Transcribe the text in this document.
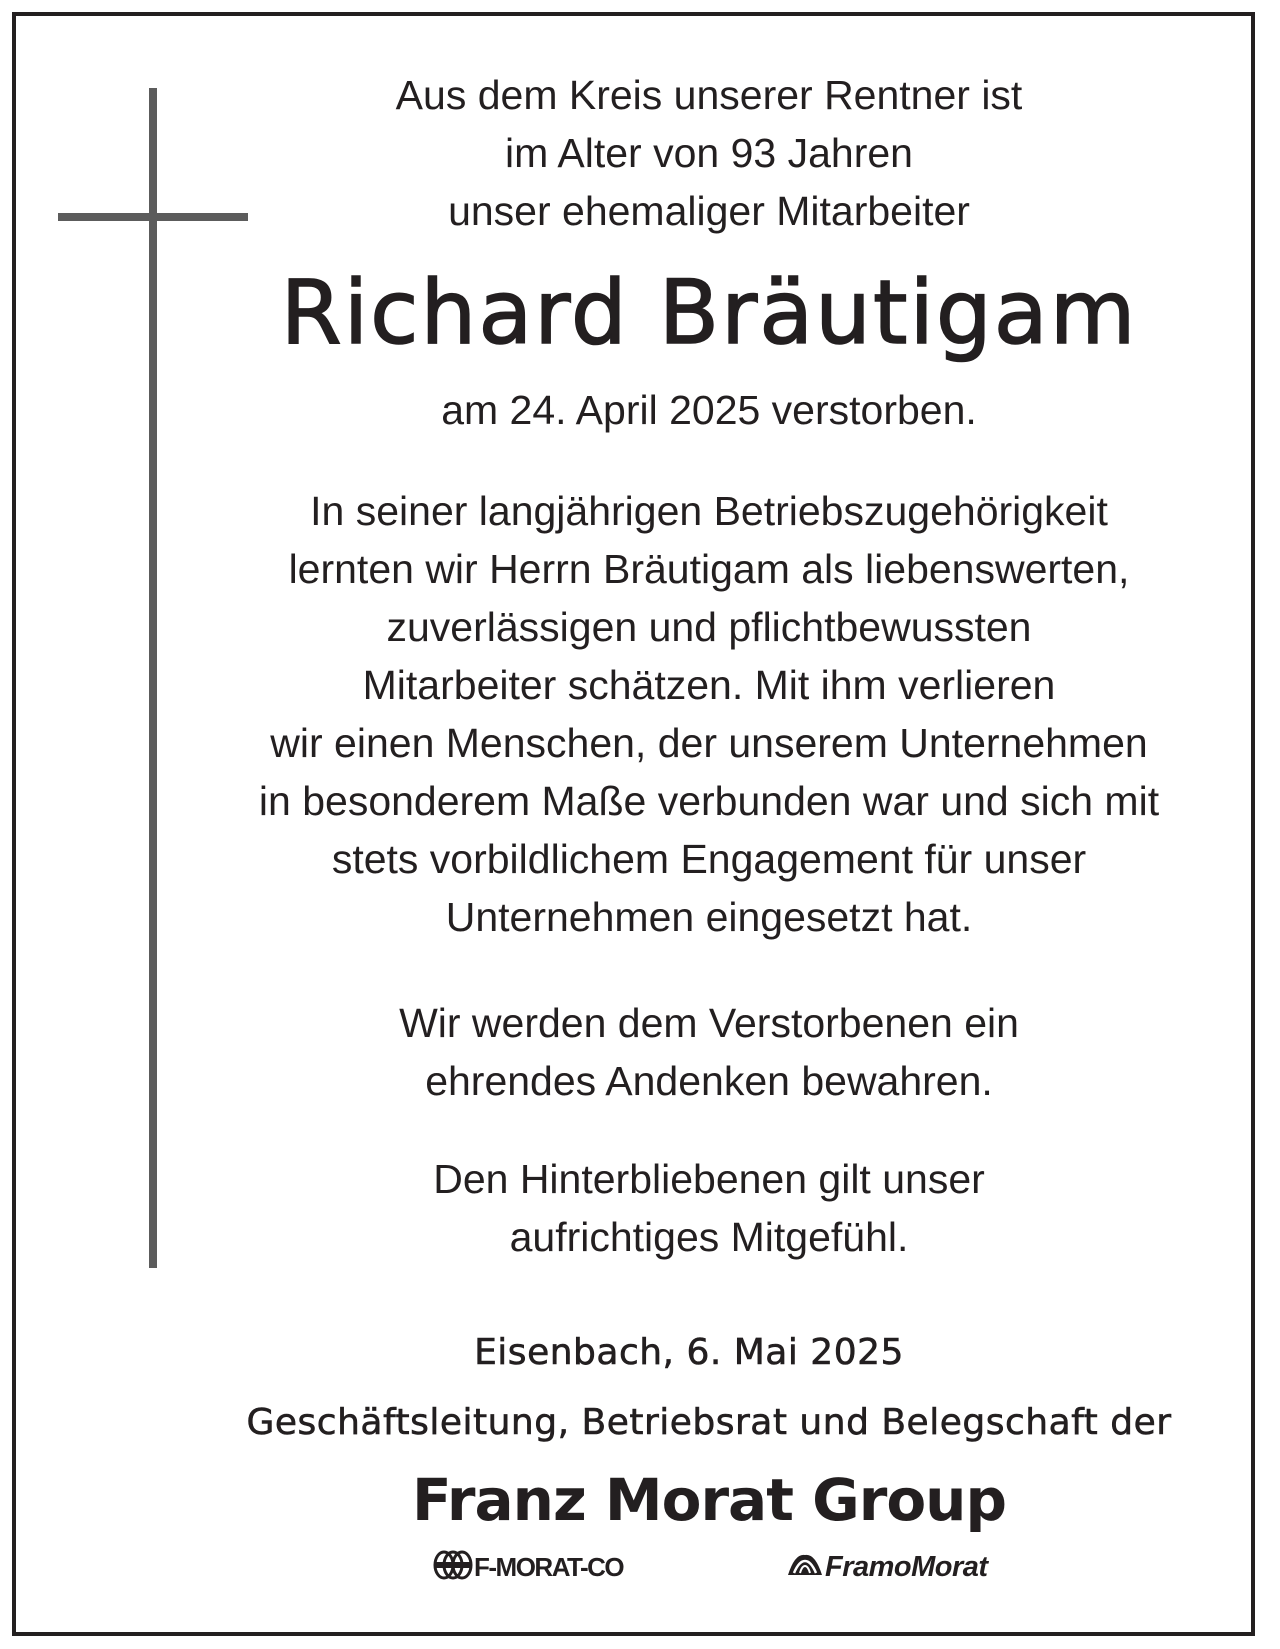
Aus dem Kreis unserer Rentner ist
im Alter von 93 Jahren
unser ehemaliger Mitarbeiter
Richard Bräutigam
am 24. April 2025 verstorben.
In seiner langjährigen Betriebszugehörigkeit
lernten wir Herrn Bräutigam als liebenswerten,
zuverlässigen und pflichtbewussten
Mitarbeiter schätzen. Mit ihm verlieren
wir einen Menschen, der unserem Unternehmen
in besonderem Maße verbunden war und sich mit
stets vorbildlichem Engagement für unser
Unternehmen eingesetzt hat.
Wir werden dem Verstorbenen ein
ehrendes Andenken bewahren.
Den Hinterbliebenen gilt unser
aufrichtiges Mitgefühl.
Eisenbach, 6. Mai 2025
Geschäftsleitung, Betriebsrat und Belegschaft der
Franz Morat Group
F-MORAT-CO	FramoMorat
